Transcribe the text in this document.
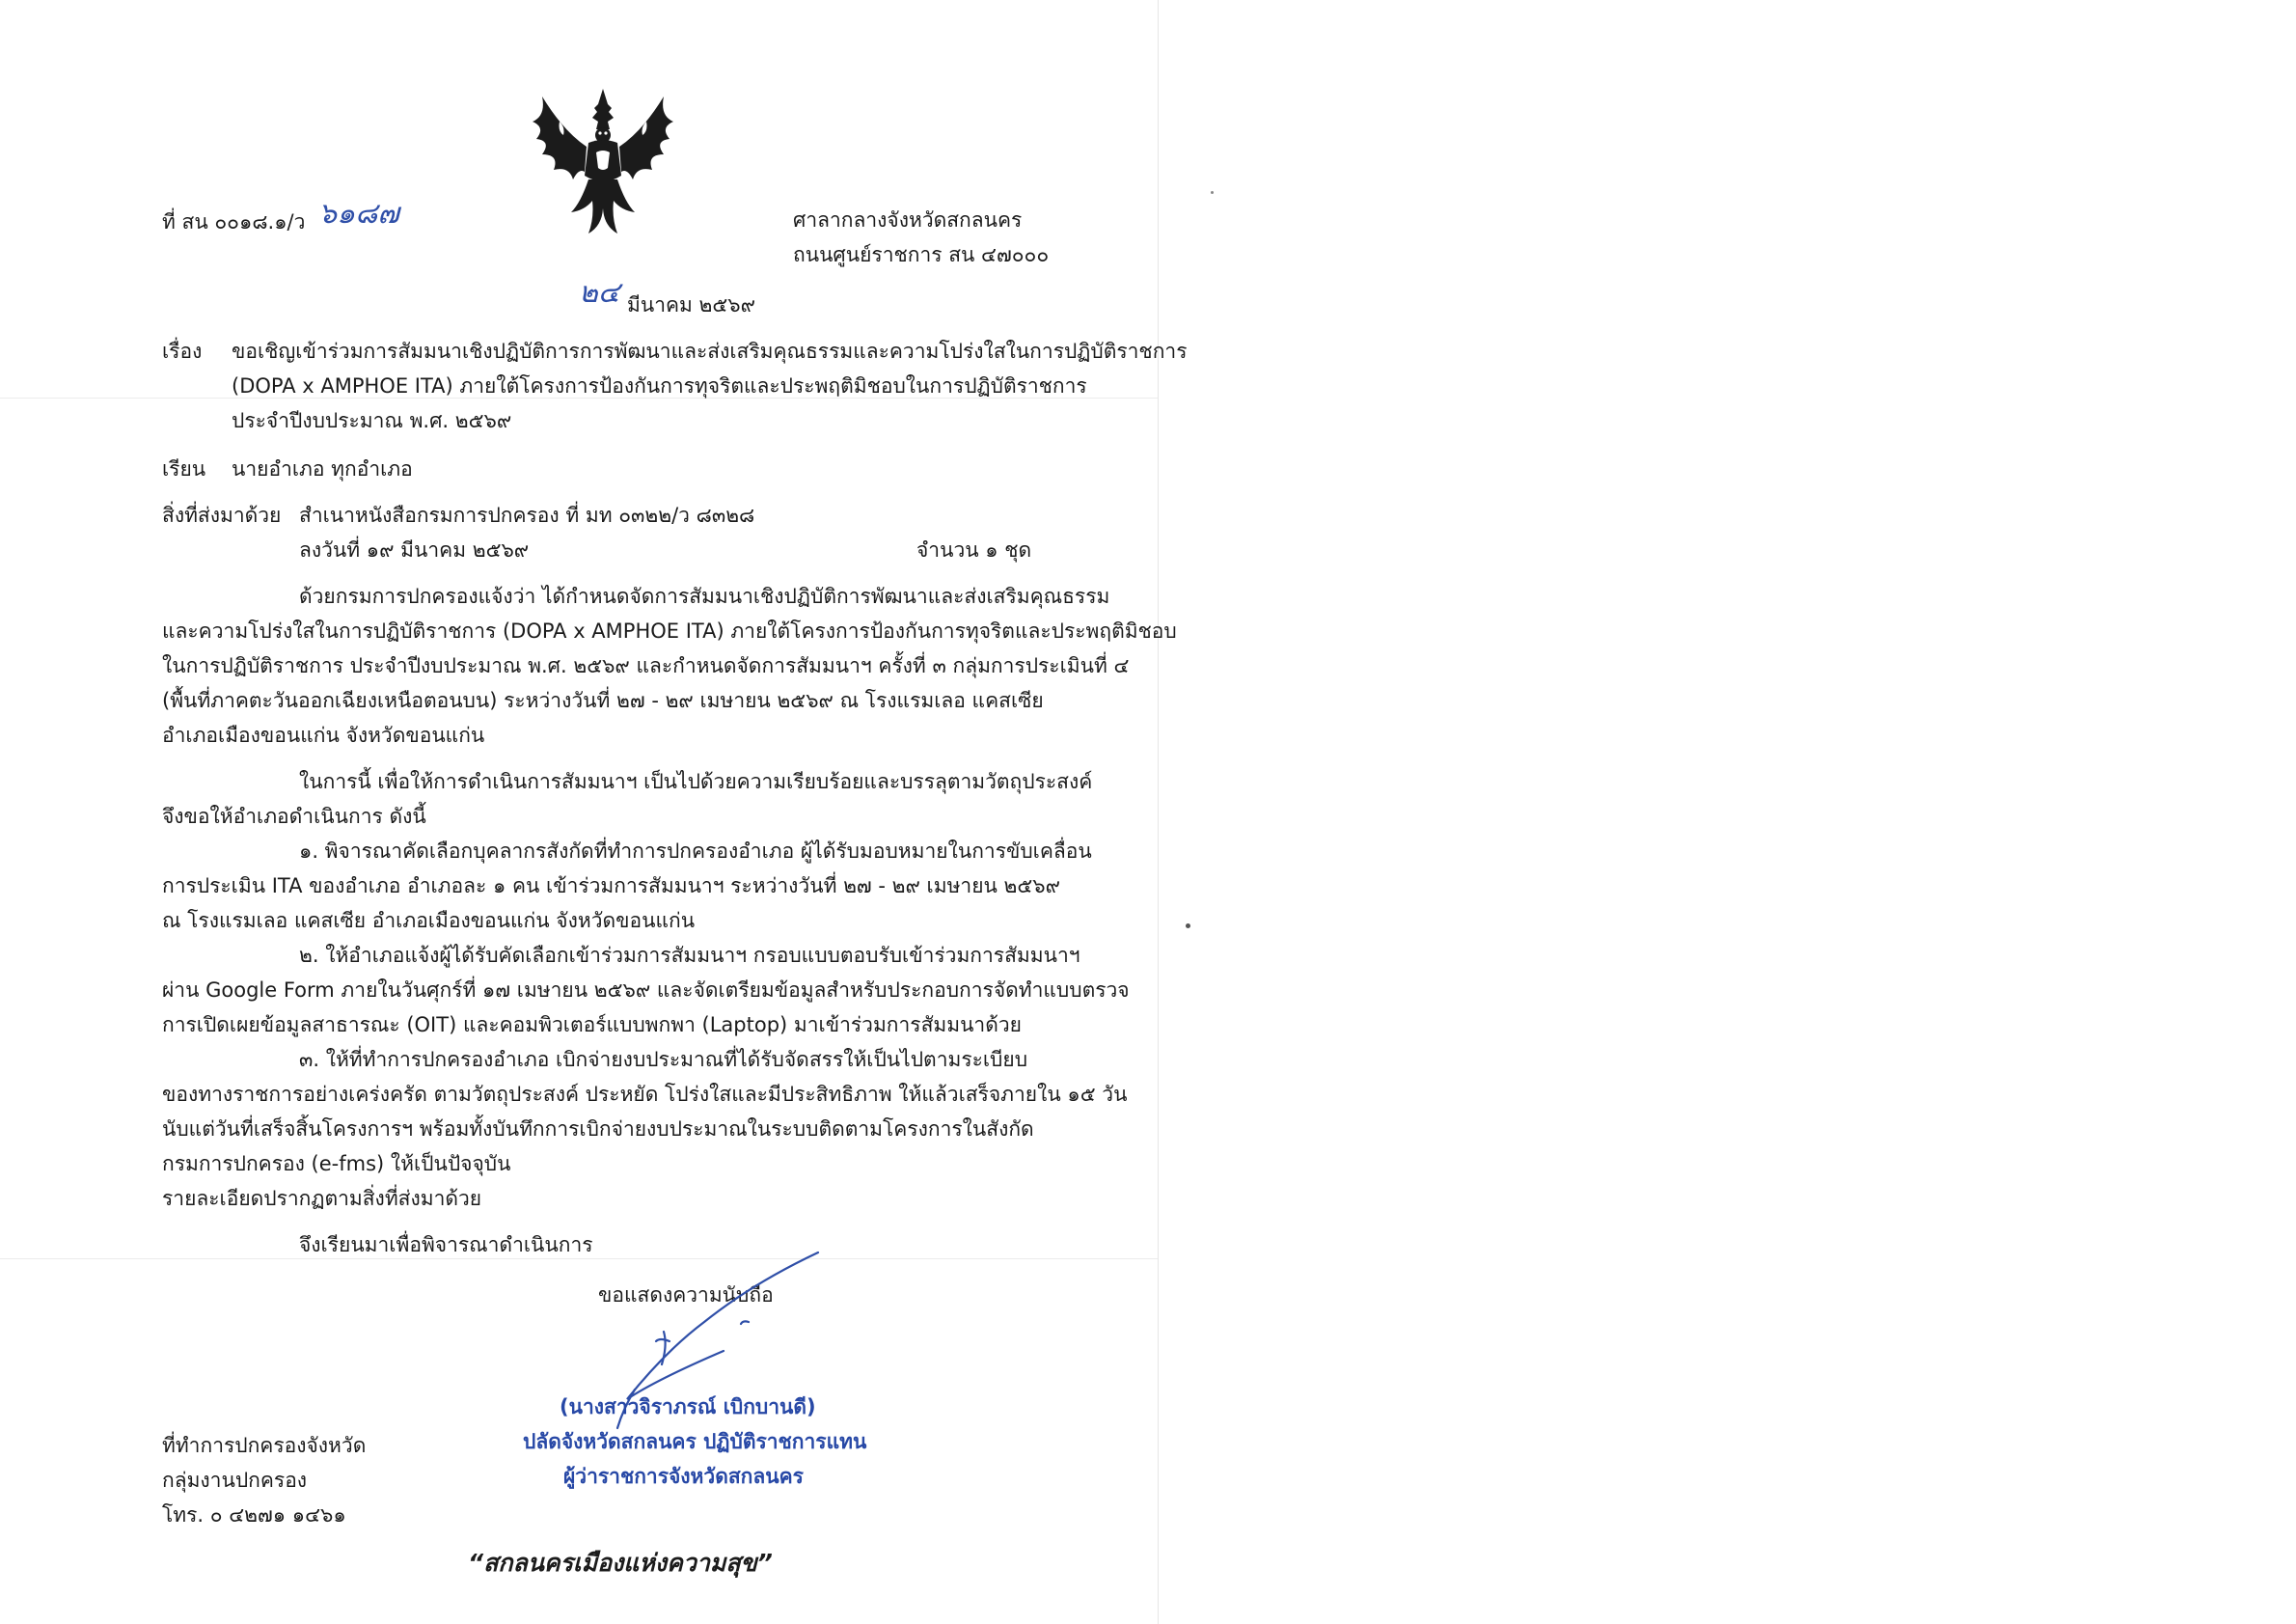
ที่ สน ๐๐๑๘.๑/ว ๖๑๘๗	ศาลากลางจังหวัดสกลนคร
ถนนศูนย์ราชการ สน ๔๗๐๐๐
๒๔ มีนาคม ๒๕๖๙
เรื่อง ขอเชิญเข้าร่วมการสัมมนาเชิงปฏิบัติการการพัฒนาและส่งเสริมคุณธรรมและความโปร่งใสในการปฏิบัติราชการ
(DOPA x AMPHOE ITA) ภายใต้โครงการป้องกันการทุจริตและประพฤติมิชอบในการปฏิบัติราชการ
ประจำปีงบประมาณ พ.ศ. ๒๕๖๙
เรียน นายอำเภอ ทุกอำเภอ
สิ่งที่ส่งมาด้วย สำเนาหนังสือกรมการปกครอง ที่ มท ๐๓๒๒/ว ๘๓๒๘
ลงวันที่ ๑๙ มีนาคม ๒๕๖๙	จำนวน ๑ ชุด
ด้วยกรมการปกครองแจ้งว่า ได้กำหนดจัดการสัมมนาเชิงปฏิบัติการพัฒนาและส่งเสริมคุณธรรม
และความโปร่งใสในการปฏิบัติราชการ (DOPA x AMPHOE ITA) ภายใต้โครงการป้องกันการทุจริตและประพฤติมิชอบ
ในการปฏิบัติราชการ ประจำปีงบประมาณ พ.ศ. ๒๕๖๙ และกำหนดจัดการสัมมนาฯ ครั้งที่ ๓ กลุ่มการประเมินที่ ๔
(พื้นที่ภาคตะวันออกเฉียงเหนือตอนบน) ระหว่างวันที่ ๒๗ - ๒๙ เมษายน ๒๕๖๙ ณ โรงแรมเลอ แคสเซีย
อำเภอเมืองขอนแก่น จังหวัดขอนแก่น
ในการนี้ เพื่อให้การดำเนินการสัมมนาฯ เป็นไปด้วยความเรียบร้อยและบรรลุตามวัตถุประสงค์
จึงขอให้อำเภอดำเนินการ ดังนี้
๑. พิจารณาคัดเลือกบุคลากรสังกัดที่ทำการปกครองอำเภอ ผู้ได้รับมอบหมายในการขับเคลื่อน
การประเมิน ITA ของอำเภอ อำเภอละ ๑ คน เข้าร่วมการสัมมนาฯ ระหว่างวันที่ ๒๗ - ๒๙ เมษายน ๒๕๖๙
ณ โรงแรมเลอ แคสเซีย อำเภอเมืองขอนแก่น จังหวัดขอนแก่น
๒. ให้อำเภอแจ้งผู้ได้รับคัดเลือกเข้าร่วมการสัมมนาฯ กรอบแบบตอบรับเข้าร่วมการสัมมนาฯ
ผ่าน Google Form ภายในวันศุกร์ที่ ๑๗ เมษายน ๒๕๖๙ และจัดเตรียมข้อมูลสำหรับประกอบการจัดทำแบบตรวจ
การเปิดเผยข้อมูลสาธารณะ (OIT) และคอมพิวเตอร์แบบพกพา (Laptop) มาเข้าร่วมการสัมมนาด้วย
๓. ให้ที่ทำการปกครองอำเภอ เบิกจ่ายงบประมาณที่ได้รับจัดสรรให้เป็นไปตามระเบียบ
ของทางราชการอย่างเคร่งครัด ตามวัตถุประสงค์ ประหยัด โปร่งใสและมีประสิทธิภาพ ให้แล้วเสร็จภายใน ๑๕ วัน
นับแต่วันที่เสร็จสิ้นโครงการฯ พร้อมทั้งบันทึกการเบิกจ่ายงบประมาณในระบบติดตามโครงการในสังกัด
กรมการปกครอง (e-fms) ให้เป็นปัจจุบัน
รายละเอียดปรากฏตามสิ่งที่ส่งมาด้วย
จึงเรียนมาเพื่อพิจารณาดำเนินการ
ขอแสดงความนับถือ
(นางสาวจิราภรณ์ เบิกบานดี)
ปลัดจังหวัดสกลนคร ปฏิบัติราชการแทน
ผู้ว่าราชการจังหวัดสกลนคร
ที่ทำการปกครองจังหวัด
กลุ่มงานปกครอง
โทร. ๐ ๔๒๗๑ ๑๔๖๑
“สกลนครเมืองแห่งความสุข”
